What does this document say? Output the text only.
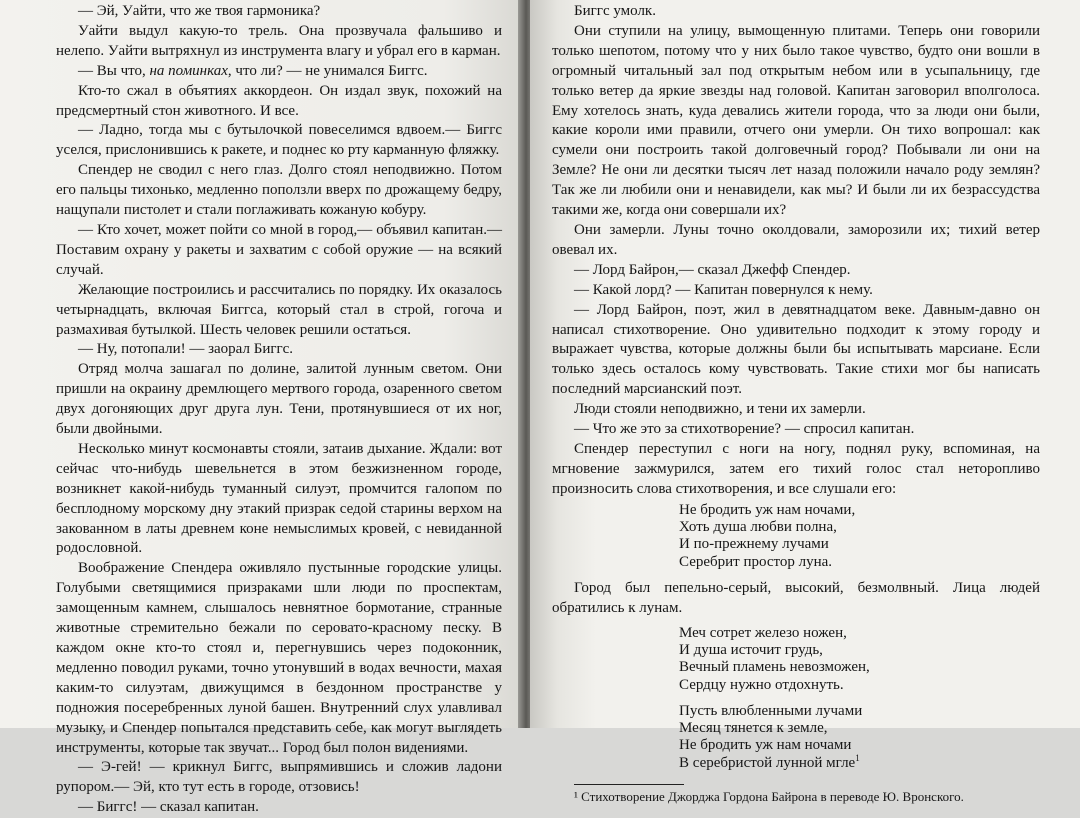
— Эй, Уайти, что же твоя гармоника?

Уайти выдул какую-то трель. Она прозвучала фальшиво и нелепо. Уайти вытряхнул из инструмента влагу и убрал его в карман.

— Вы что, на поминках, что ли? — не унимался Биггс.

Кто-то сжал в объятиях аккордеон. Он издал звук, похожий на предсмертный стон животного. И все.

— Ладно, тогда мы с бутылочкой повеселимся вдвоем.— Биггс уселся, прислонившись к ракете, и поднес ко рту карманную фляжку.

Спендер не сводил с него глаз. Долго стоял неподвижно. Потом его пальцы тихонько, медленно поползли вверх по дрожащему бедру, нащупали пистолет и стали поглаживать кожаную кобуру.

— Кто хочет, может пойти со мной в город,— объявил капитан.— Поставим охрану у ракеты и захватим с собой оружие — на всякий случай.

Желающие построились и рассчитались по порядку. Их оказалось четырнадцать, включая Биггса, который стал в строй, гогоча и размахивая бутылкой. Шесть человек решили остаться.

— Ну, потопали! — заорал Биггс.

Отряд молча зашагал по долине, залитой лунным светом. Они пришли на окраину дремлющего мертвого города, озаренного светом двух догоняющих друг друга лун. Тени, протянувшиеся от их ног, были двойными.

Несколько минут космонавты стояли, затаив дыхание. Ждали: вот сейчас что-нибудь шевельнется в этом безжизненном городе, возникнет какой-нибудь туманный силуэт, промчится галопом по бесплодному морскому дну этакий призрак седой старины верхом на закованном в латы древнем коне немыслимых кровей, с невиданной родословной.

Воображение Спендера оживляло пустынные городские улицы. Голубыми светящимися призраками шли люди по проспектам, замощенным камнем, слышалось невнятное бормотание, странные животные стремительно бежали по серовато-красному песку. В каждом окне кто-то стоял и, перегнувшись через подоконник, медленно поводил руками, точно утонувший в водах вечности, махая каким-то силуэтам, движущимся в бездонном пространстве у подножия посеребренных луной башен. Внутренний слух улавливал музыку, и Спендер попытался представить себе, как могут выглядеть инструменты, которые так звучат... Город был полон видениями.

— Э-гей! — крикнул Биггс, выпрямившись и сложив ладони рупором.— Эй, кто тут есть в городе, отзовись!

— Биггс! — сказал капитан.

Биггс умолк.

Они ступили на улицу, вымощенную плитами. Теперь они говорили только шепотом, потому что у них было такое чувство, будто они вошли в огромный читальный зал под открытым небом или в усыпальницу, где только ветер да яркие звезды над головой. Капитан заговорил вполголоса. Ему хотелось знать, куда девались жители города, что за люди они были, какие короли ими правили, отчего они умерли. Он тихо вопрошал: как сумели они построить такой долговечный город? Побывали ли они на Земле? Не они ли десятки тысяч лет назад положили начало роду землян? Так же ли любили они и ненавидели, как мы? И были ли их безрассудства такими же, когда они совершали их?

Они замерли. Луны точно околдовали, заморозили их; тихий ветер овевал их.

— Лорд Байрон,— сказал Джефф Спендер.

— Какой лорд? — Капитан повернулся к нему.

— Лорд Байрон, поэт, жил в девятнадцатом веке. Давным-давно он написал стихотворение. Оно удивительно подходит к этому городу и выражает чувства, которые должны были бы испытывать марсиане. Если только здесь осталось кому чувствовать. Такие стихи мог бы написать последний марсианский поэт.

Люди стояли неподвижно, и тени их замерли.

— Что же это за стихотворение? — спросил капитан.

Спендер переступил с ноги на ногу, поднял руку, вспоминая, на мгновение зажмурился, затем его тихий голос стал неторопливо произносить слова стихотворения, и все слушали его:

Не бродить уж нам ночами,
Хоть душа любви полна,
И по-прежнему лучами
Серебрит простор луна.

Город был пепельно-серый, высокий, безмолвный. Лица людей обратились к лунам.

Меч сотрет железо ножен,
И душа источит грудь,
Вечный пламень невозможен,
Сердцу нужно отдохнуть.
Пусть влюбленными лучами
Месяц тянется к земле,
Не бродить уж нам ночами
В серебристой лунной мгле$^1$

¹ Стихотворение Джорджа Гордона Байрона в переводе Ю. Вронского.
